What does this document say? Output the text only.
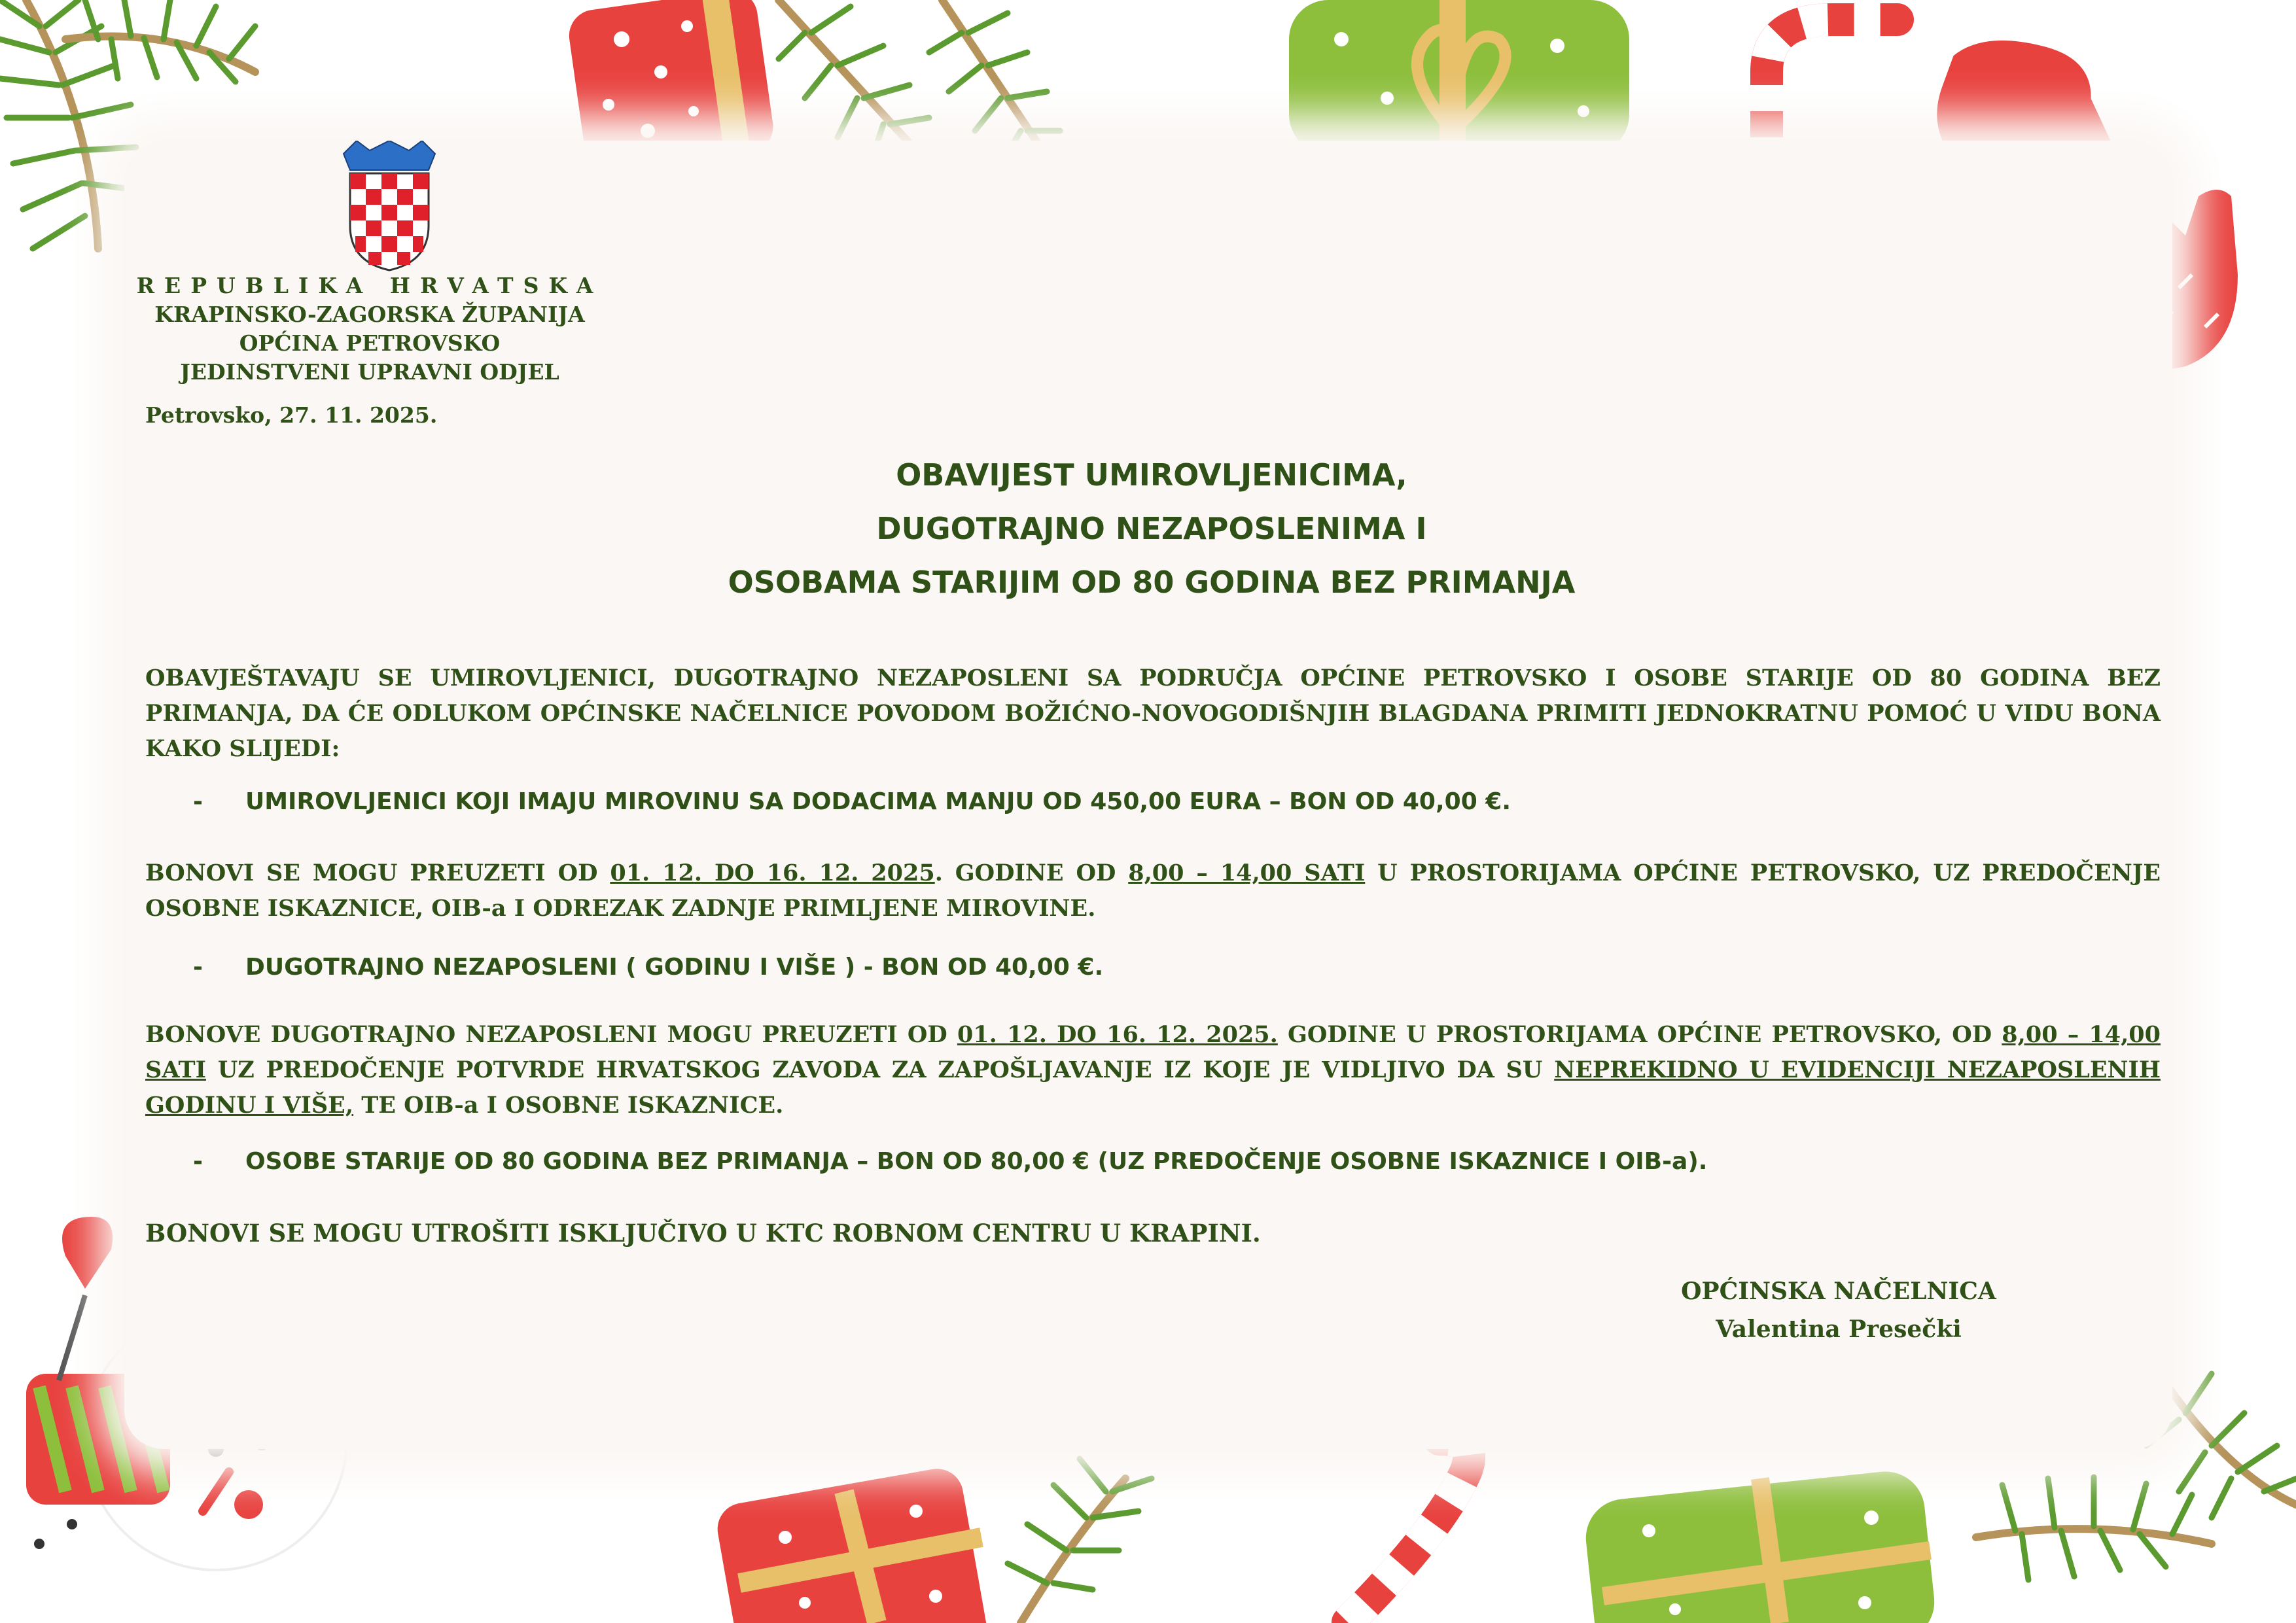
REPUBLIKA HRVATSKA
KRAPINSKO-ZAGORSKA ŽUPANIJA
OPĆINA PETROVSKO
JEDINSTVENI UPRAVNI ODJEL
Petrovsko, 27. 11. 2025.
OBAVIJEST UMIROVLJENICIMA,
DUGOTRAJNO NEZAPOSLENIMA I
OSOBAMA STARIJIM OD 80 GODINA BEZ PRIMANJA
OBAVJEŠTAVAJU SE UMIROVLJENICI, DUGOTRAJNO NEZAPOSLENI SA PODRUČJA OPĆINE PETROVSKO I OSOBE STARIJE OD 80 GODINA BEZ PRIMANJA, DA ĆE ODLUKOM OPĆINSKE NAČELNICE POVODOM BOŽIĆNO-NOVOGODIŠNJIH BLAGDANA PRIMITI JEDNOKRATNU POMOĆ U VIDU BONA KAKO SLIJEDI:
- UMIROVLJENICI KOJI IMAJU MIROVINU SA DODACIMA MANJU OD 450,00 EURA – BON OD 40,00 €.
BONOVI SE MOGU PREUZETI OD 01. 12. DO 16. 12. 2025. GODINE OD 8,00 – 14,00 SATI U PROSTORIJAMA OPĆINE PETROVSKO, UZ PREDOČENJE OSOBNE ISKAZNICE, OIB-a I ODREZAK ZADNJE PRIMLJENE MIROVINE.
- DUGOTRAJNO NEZAPOSLENI ( GODINU I VIŠE ) - BON OD 40,00 €.
BONOVE DUGOTRAJNO NEZAPOSLENI MOGU PREUZETI OD 01. 12. DO 16. 12. 2025. GODINE U PROSTORIJAMA OPĆINE PETROVSKO, OD 8,00 – 14,00 SATI UZ PREDOČENJE POTVRDE HRVATSKOG ZAVODA ZA ZAPOŠLJAVANJE IZ KOJE JE VIDLJIVO DA SU NEPREKIDNO U EVIDENCIJI NEZAPOSLENIH GODINU I VIŠE, TE OIB-a I OSOBNE ISKAZNICE.
- OSOBE STARIJE OD 80 GODINA BEZ PRIMANJA – BON OD 80,00 € (UZ PREDOČENJE OSOBNE ISKAZNICE I OIB-a).
BONOVI SE MOGU UTROŠITI ISKLJUČIVO U KTC ROBNOM CENTRU U KRAPINI.
OPĆINSKA NAČELNICA
Valentina Presečki
